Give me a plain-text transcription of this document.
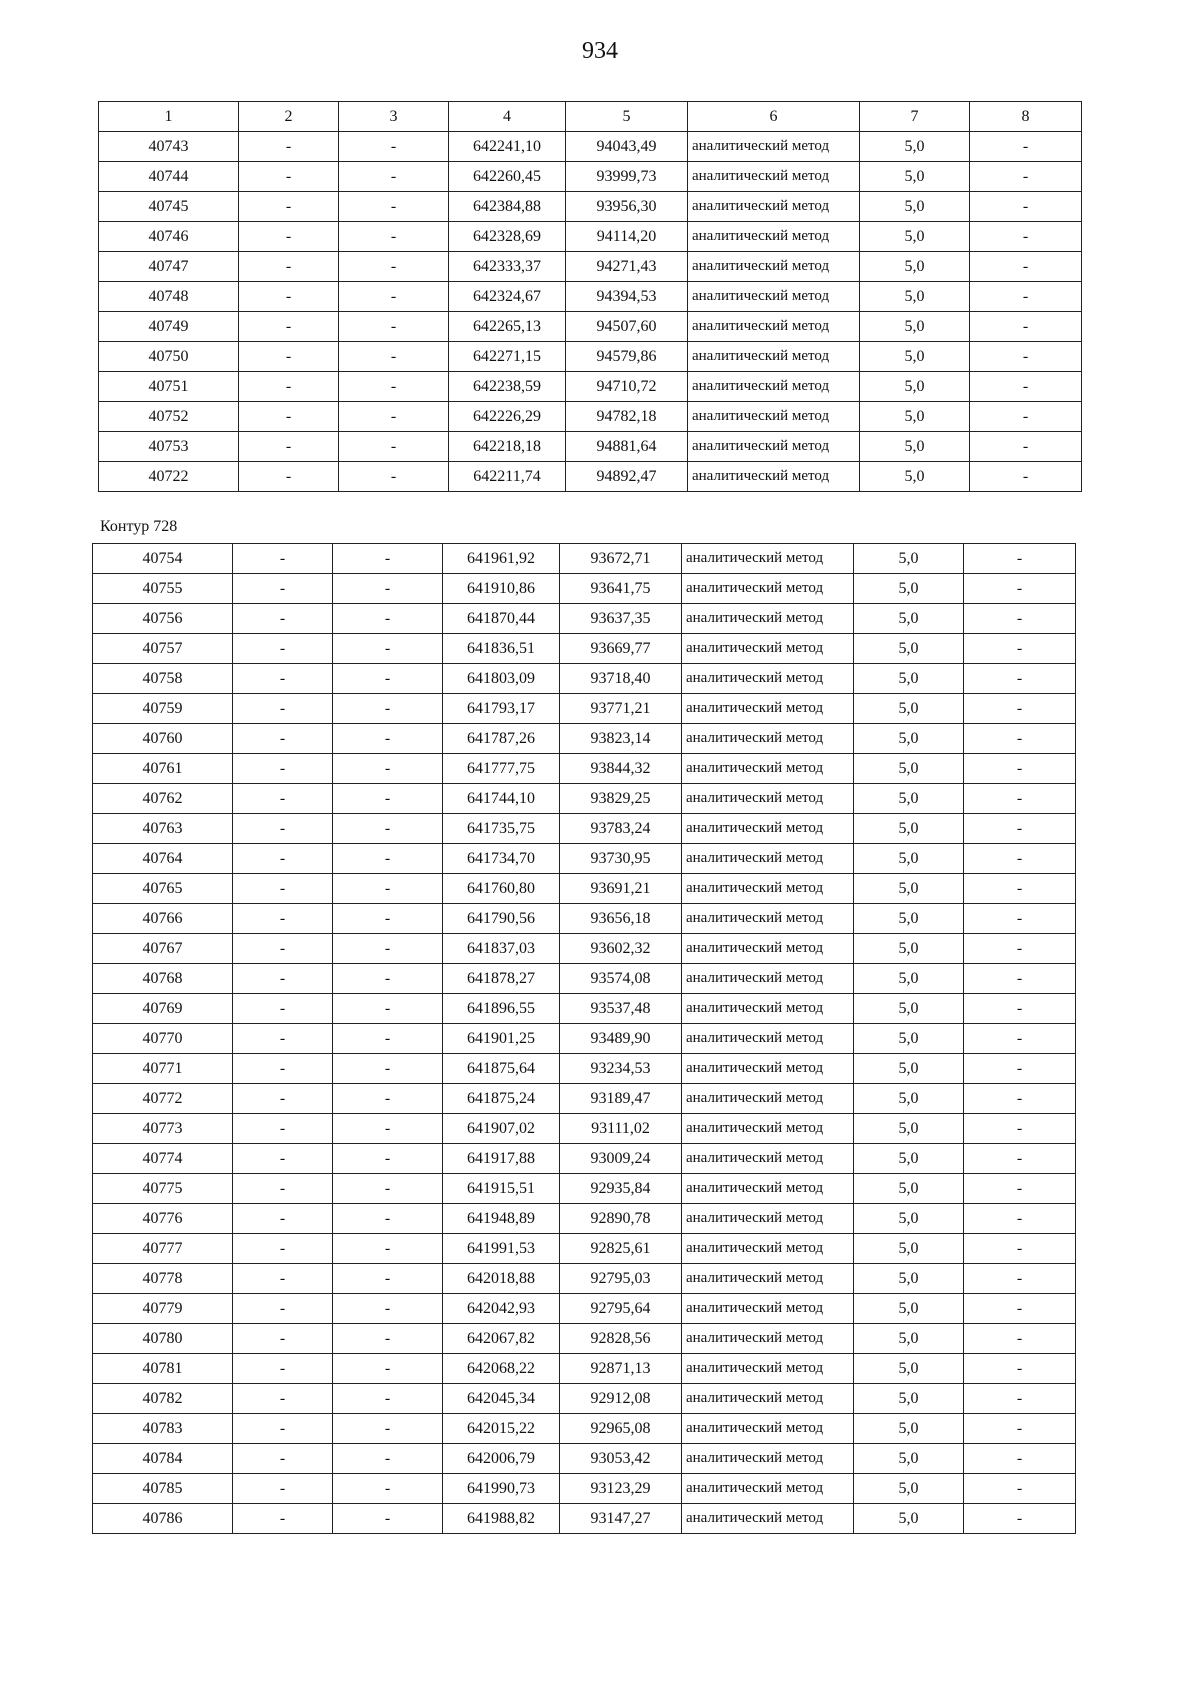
934
1	2	3	4	5	6	7	8
40743	-	-	642241,10	94043,49	аналитический метод	5,0	-
40744	-	-	642260,45	93999,73	аналитический метод	5,0	-
40745	-	-	642384,88	93956,30	аналитический метод	5,0	-
40746	-	-	642328,69	94114,20	аналитический метод	5,0	-
40747	-	-	642333,37	94271,43	аналитический метод	5,0	-
40748	-	-	642324,67	94394,53	аналитический метод	5,0	-
40749	-	-	642265,13	94507,60	аналитический метод	5,0	-
40750	-	-	642271,15	94579,86	аналитический метод	5,0	-
40751	-	-	642238,59	94710,72	аналитический метод	5,0	-
40752	-	-	642226,29	94782,18	аналитический метод	5,0	-
40753	-	-	642218,18	94881,64	аналитический метод	5,0	-
40722	-	-	642211,74	94892,47	аналитический метод	5,0	-
Контур 728
40754	-	-	641961,92	93672,71	аналитический метод	5,0	-
40755	-	-	641910,86	93641,75	аналитический метод	5,0	-
40756	-	-	641870,44	93637,35	аналитический метод	5,0	-
40757	-	-	641836,51	93669,77	аналитический метод	5,0	-
40758	-	-	641803,09	93718,40	аналитический метод	5,0	-
40759	-	-	641793,17	93771,21	аналитический метод	5,0	-
40760	-	-	641787,26	93823,14	аналитический метод	5,0	-
40761	-	-	641777,75	93844,32	аналитический метод	5,0	-
40762	-	-	641744,10	93829,25	аналитический метод	5,0	-
40763	-	-	641735,75	93783,24	аналитический метод	5,0	-
40764	-	-	641734,70	93730,95	аналитический метод	5,0	-
40765	-	-	641760,80	93691,21	аналитический метод	5,0	-
40766	-	-	641790,56	93656,18	аналитический метод	5,0	-
40767	-	-	641837,03	93602,32	аналитический метод	5,0	-
40768	-	-	641878,27	93574,08	аналитический метод	5,0	-
40769	-	-	641896,55	93537,48	аналитический метод	5,0	-
40770	-	-	641901,25	93489,90	аналитический метод	5,0	-
40771	-	-	641875,64	93234,53	аналитический метод	5,0	-
40772	-	-	641875,24	93189,47	аналитический метод	5,0	-
40773	-	-	641907,02	93111,02	аналитический метод	5,0	-
40774	-	-	641917,88	93009,24	аналитический метод	5,0	-
40775	-	-	641915,51	92935,84	аналитический метод	5,0	-
40776	-	-	641948,89	92890,78	аналитический метод	5,0	-
40777	-	-	641991,53	92825,61	аналитический метод	5,0	-
40778	-	-	642018,88	92795,03	аналитический метод	5,0	-
40779	-	-	642042,93	92795,64	аналитический метод	5,0	-
40780	-	-	642067,82	92828,56	аналитический метод	5,0	-
40781	-	-	642068,22	92871,13	аналитический метод	5,0	-
40782	-	-	642045,34	92912,08	аналитический метод	5,0	-
40783	-	-	642015,22	92965,08	аналитический метод	5,0	-
40784	-	-	642006,79	93053,42	аналитический метод	5,0	-
40785	-	-	641990,73	93123,29	аналитический метод	5,0	-
40786	-	-	641988,82	93147,27	аналитический метод	5,0	-
